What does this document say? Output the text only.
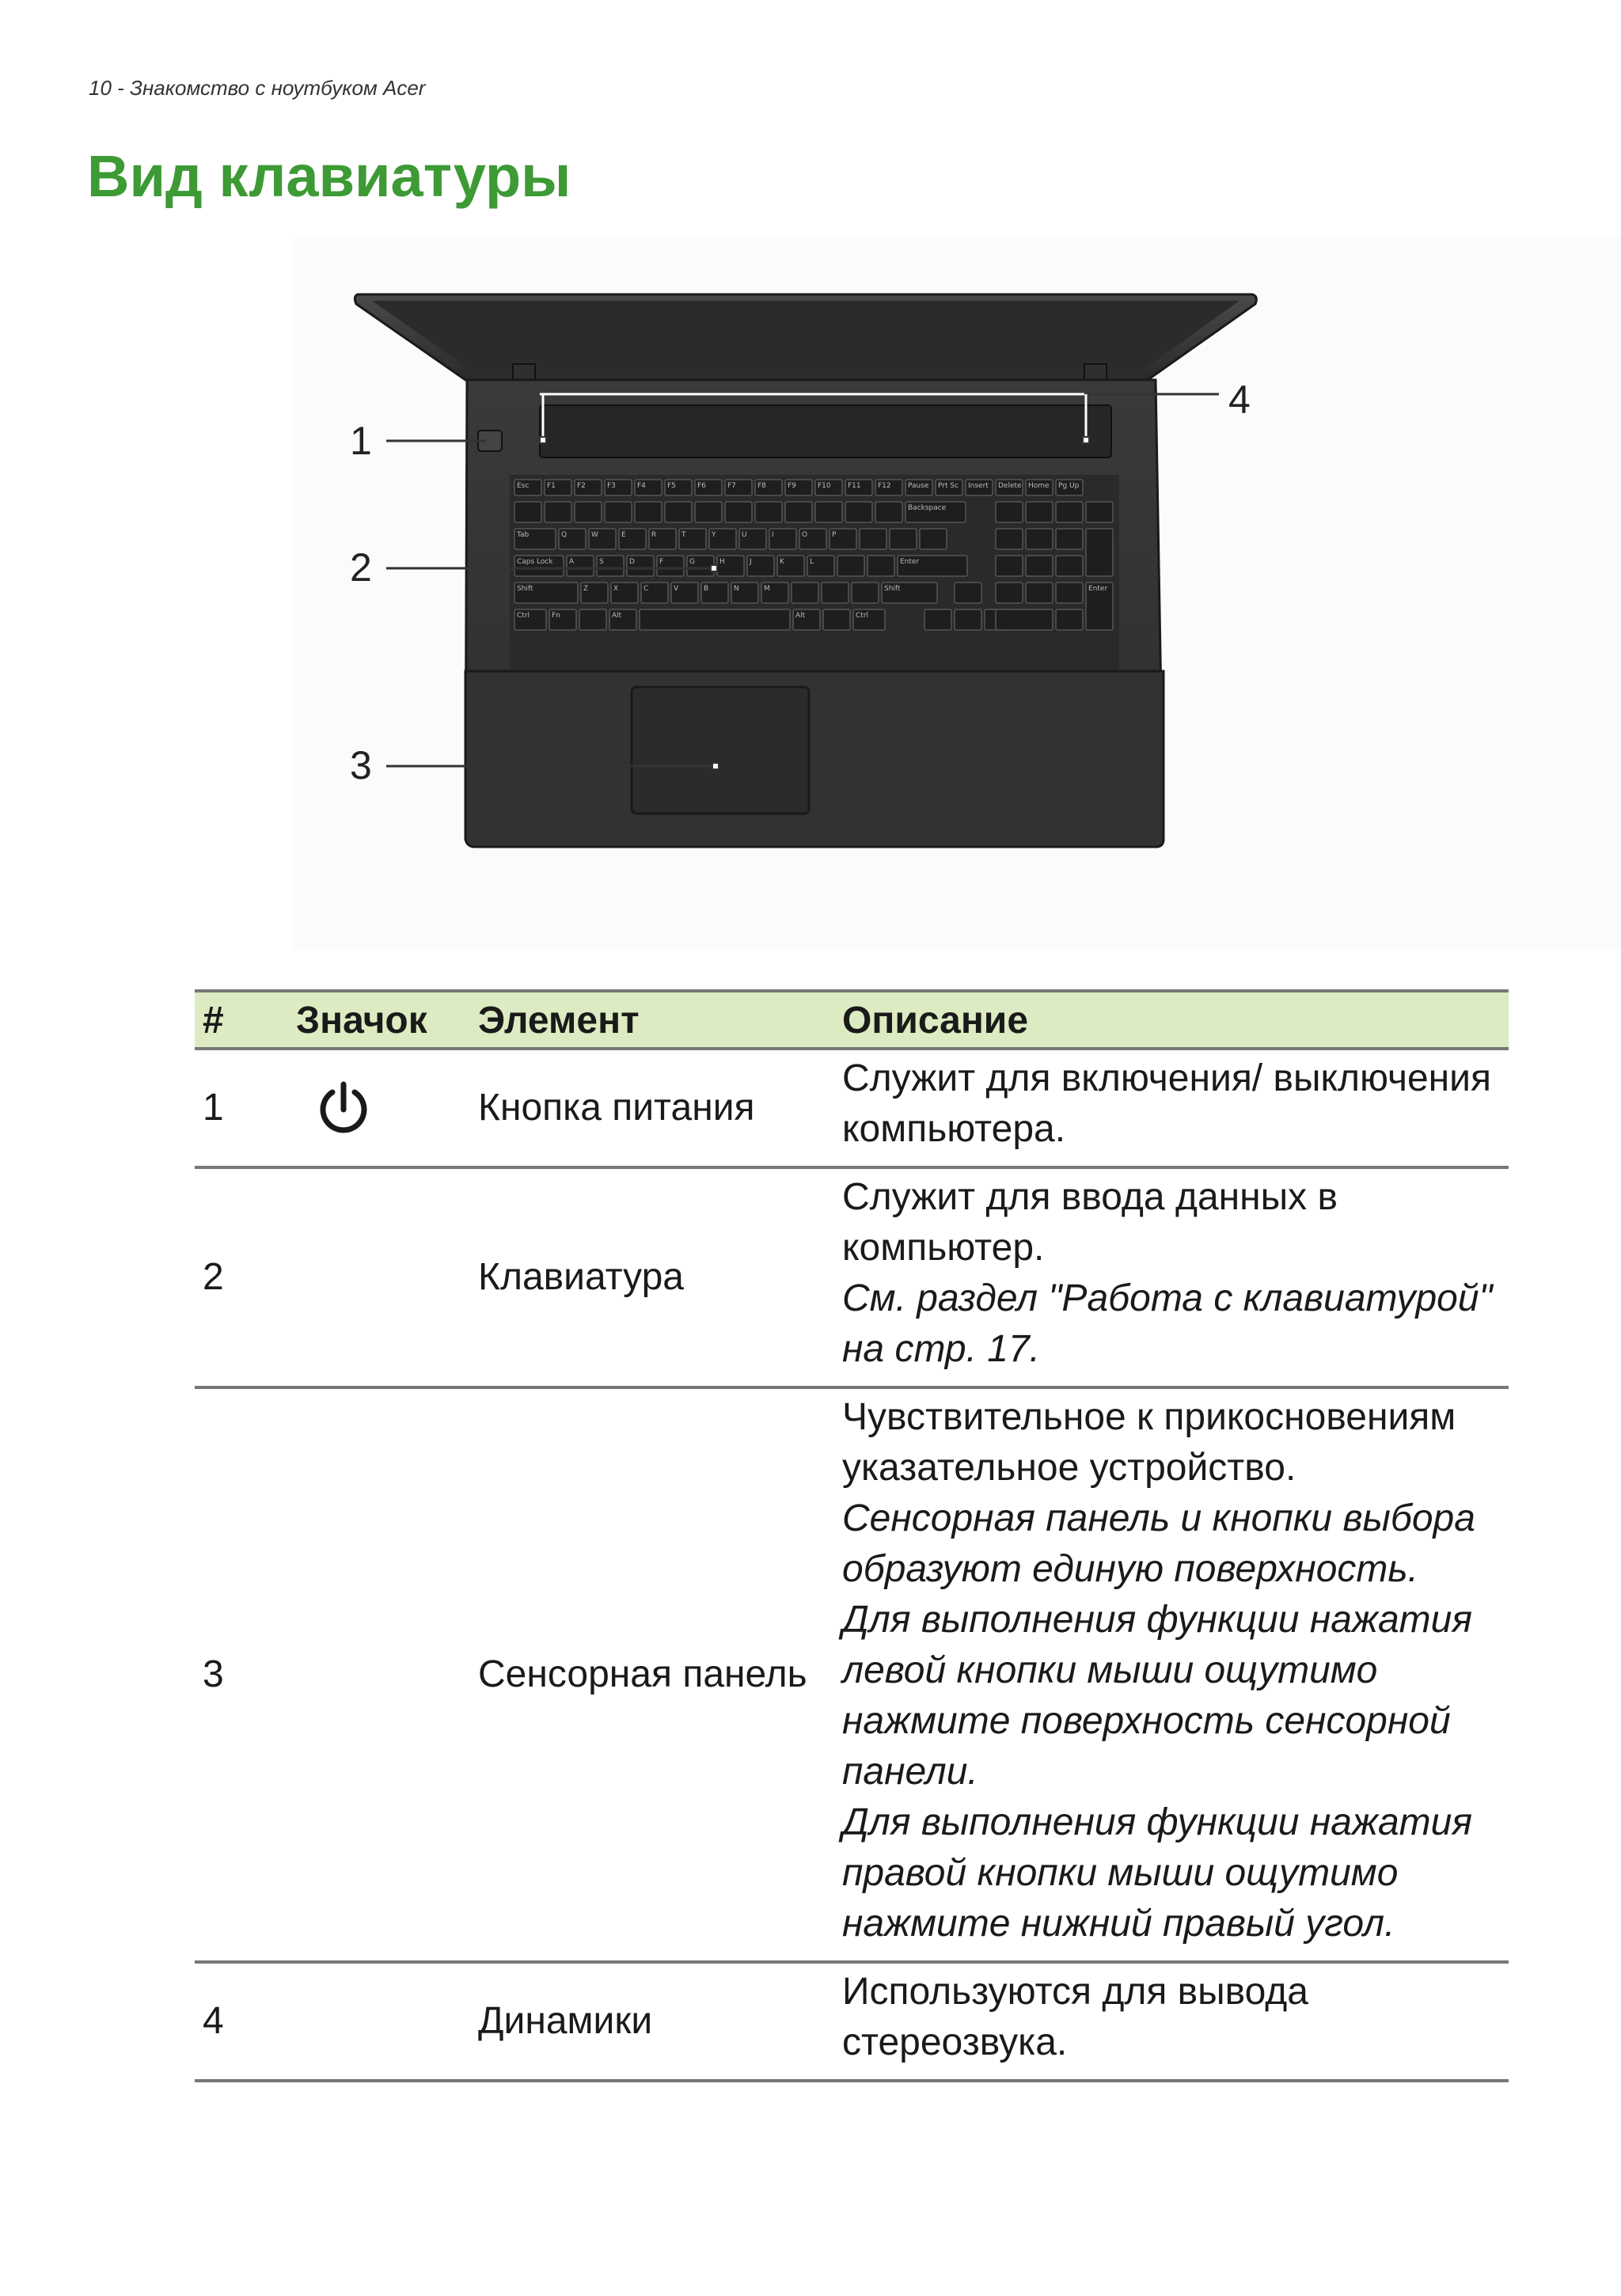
10 - Знакомство с ноутбуком Acer
Вид клавиатуры
Esc	F1	F2	F3	F4	F5	F6	F7	F8	F9	F10 F11 F12 Pause Prt Sc Insert Delete Home Pg Up
Backspace
Tab	Q	W	E	R	T	Y	U	I	O	P
Caps Lock A	S	D	F	G	H	J	K	L	Enter
Shift	Z	X	C	V	B	N	M	Shift	Enter
Ctrl	Fn	Alt	Alt	Ctrl
1
2
3
4
#	Значок	Элемент	Описание
1		Кнопка питания	Служит для включения/ выключения компьютера.

2		Клавиатура	Служит для ввода данных в компьютер.

См. раздел "Работа с клавиатурой" на стр. 17.

3		Сенсорная панель	Чувствительное к прикосновениям указательное устройство.

Сенсорная панель и кнопки выбора образуют единую поверхность.

Для выполнения функции нажатия левой кнопки мыши ощутимо нажмите поверхность сенсорной панели.

Для выполнения функции нажатия правой кнопки мыши ощутимо нажмите нижний правый угол.

4		Динамики	Используются для вывода стереозвука.
